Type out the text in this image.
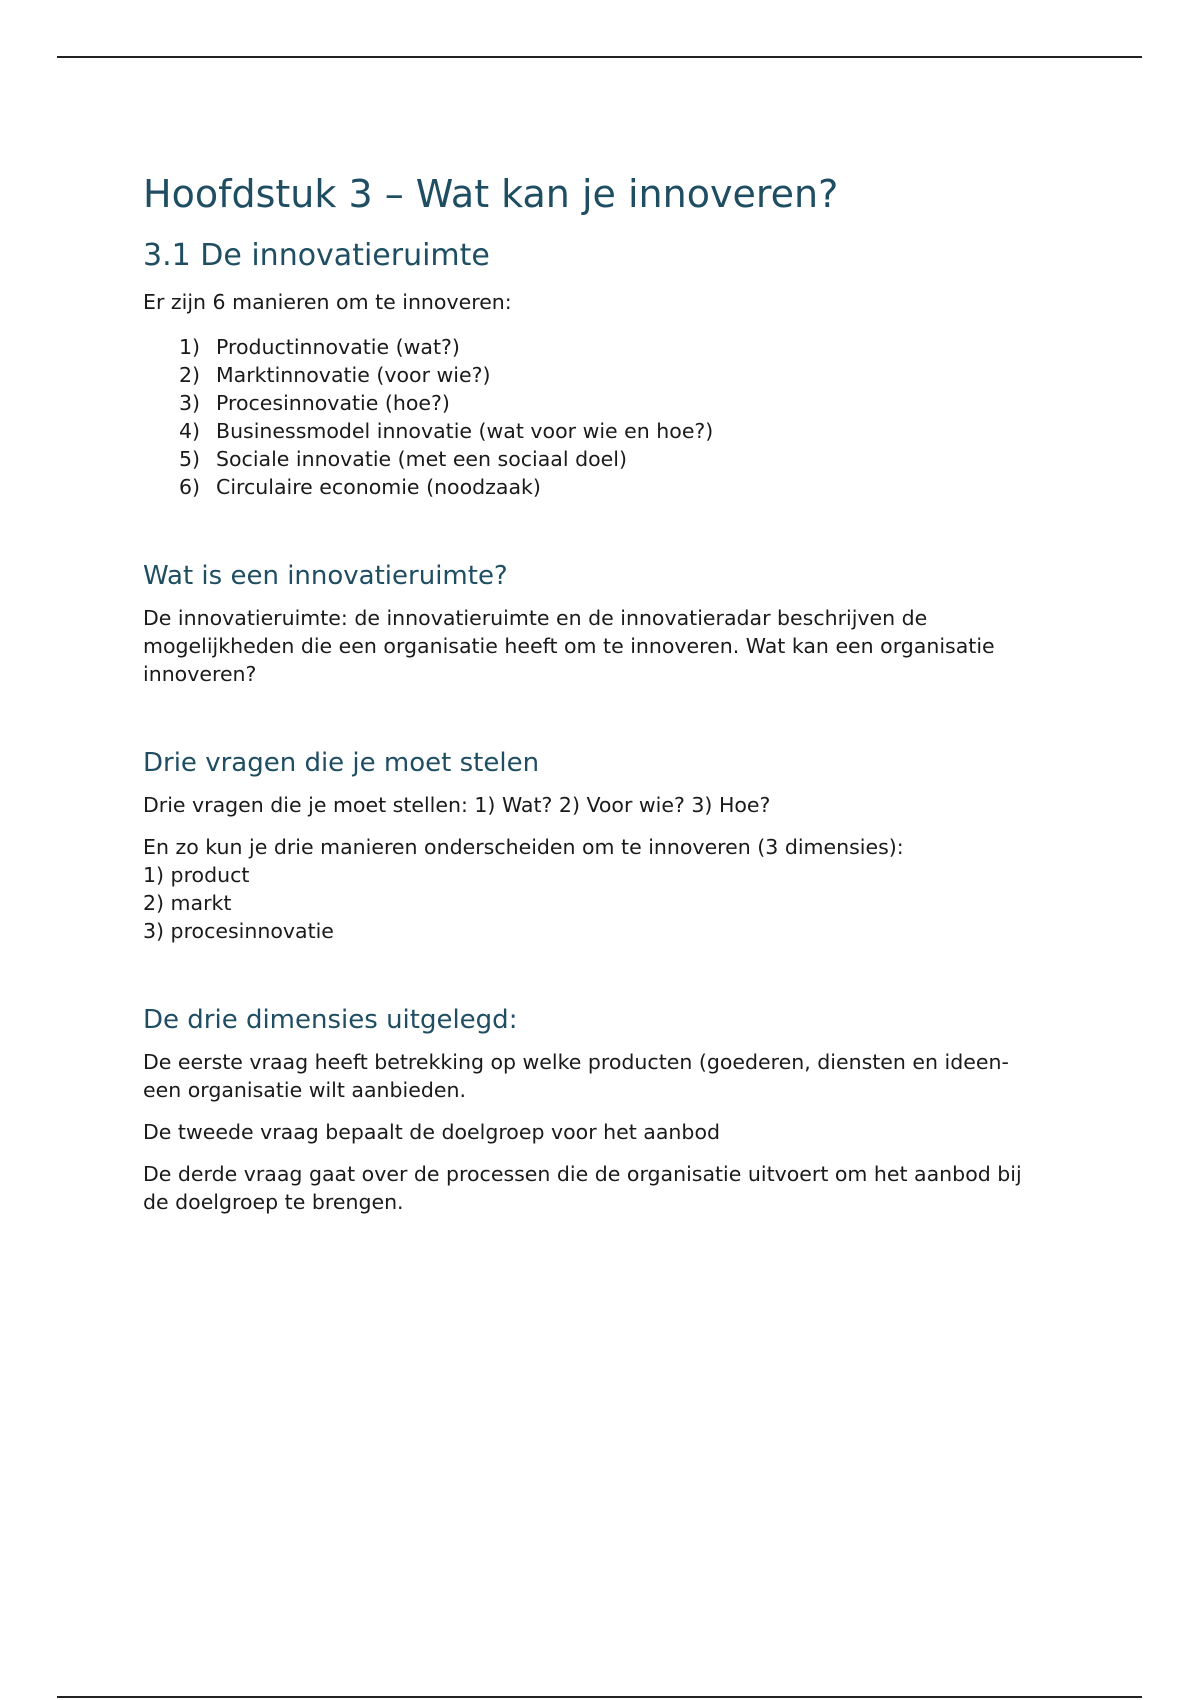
Hoofdstuk 3 – Wat kan je innoveren?
3.1 De innovatieruimte

Er zijn 6 manieren om te innoveren:

1) Productinnovatie (wat?)
2) Marktinnovatie (voor wie?)
3) Procesinnovatie (hoe?)
4) Businessmodel innovatie (wat voor wie en hoe?)
5) Sociale innovatie (met een sociaal doel)
6) Circulaire economie (noodzaak)
Wat is een innovatieruimte?

De innovatieruimte: de innovatieruimte en de innovatieradar beschrijven de mogelijkheden die een organisatie heeft om te innoveren. Wat kan een organisatie innoveren?

Drie vragen die je moet stelen

Drie vragen die je moet stellen: 1) Wat? 2) Voor wie? 3) Hoe?

En zo kun je drie manieren onderscheiden om te innoveren (3 dimensies):

1) product
2) markt
3) procesinnovatie
De drie dimensies uitgelegd:

De eerste vraag heeft betrekking op welke producten (goederen, diensten en ideen- een organisatie wilt aanbieden.

De tweede vraag bepaalt de doelgroep voor het aanbod

De derde vraag gaat over de processen die de organisatie uitvoert om het aanbod bij de doelgroep te brengen.
